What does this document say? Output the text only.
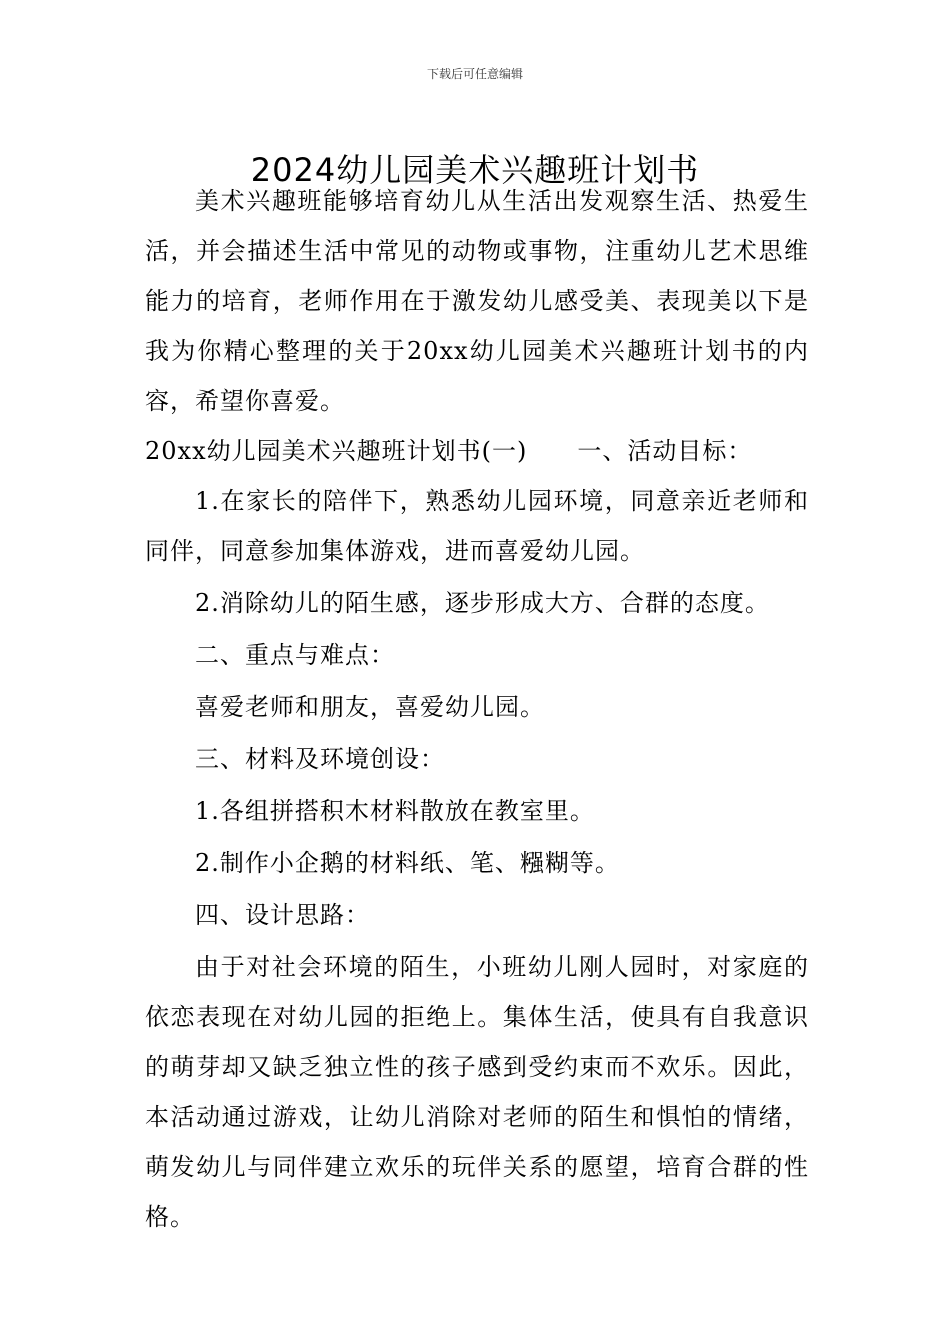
下载后可任意编辑
2024幼儿园美术兴趣班计划书

美术兴趣班能够培育幼儿从生活出发观察生活、热爱生活，并会描述生活中常见的动物或事物，注重幼儿艺术思维能力的培育，老师作用在于激发幼儿感受美、表现美以下是我为你精心整理的关于20xx幼儿园美术兴趣班计划书的内容，希望你喜爱。

20xx幼儿园美术兴趣班计划书(一)　　一、活动目标：

1.在家长的陪伴下，熟悉幼儿园环境，同意亲近老师和同伴，同意参加集体游戏，进而喜爱幼儿园。

2.消除幼儿的陌生感，逐步形成大方、合群的态度。

二、重点与难点：

喜爱老师和朋友，喜爱幼儿园。

三、材料及环境创设：

1.各组拼搭积木材料散放在教室里。

2.制作小企鹅的材料纸、笔、糨糊等。

四、设计思路：

由于对社会环境的陌生，小班幼儿刚人园时，对家庭的依恋表现在对幼儿园的拒绝上。集体生活，使具有自我意识的萌芽却又缺乏独立性的孩子感到受约束而不欢乐。因此，本活动通过游戏，让幼儿消除对老师的陌生和惧怕的情绪，萌发幼儿与同伴建立欢乐的玩伴关系的愿望，培育合群的性格。
